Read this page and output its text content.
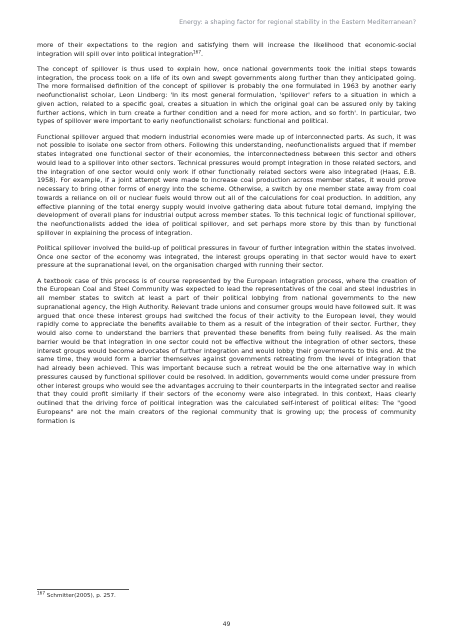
Energy: a shaping factor for regional stability in the Eastern Mediterranean?

more of their expectations to the region and satisfying them will increase the likelihood that economic-social integration will spill over into political integration$^{167}$.

The concept of spillover is thus used to explain how, once national governments took the initial steps towards integration, the process took on a life of its own and swept governments along further than they anticipated going. The more formalised definition of the concept of spillover is probably the one formulated in 1963 by another early neofunctionalist scholar, Leon Lindberg: 'In its most general formulation, 'spillover' refers to a situation in which a given action, related to a specific goal, creates a situation in which the original goal can be assured only by taking further actions, which in turn create a further condition and a need for more action, and so forth'. In particular, two types of spillover were important to early neofunctionalist scholars: functional and political.

Functional spillover argued that modern industrial economies were made up of interconnected parts. As such, it was not possible to isolate one sector from others. Following this understanding, neofunctionalists argued that if member states integrated one functional sector of their economies, the interconnectedness between this sector and others would lead to a spillover into other sectors. Technical pressures would prompt integration in those related sectors, and the integration of one sector would only work if other functionally related sectors were also integrated (Haas, E.B. 1958). For example, if a joint attempt were made to increase coal production across member states, it would prove necessary to bring other forms of energy into the scheme. Otherwise, a switch by one member state away from coal towards a reliance on oil or nuclear fuels would throw out all of the calculations for coal production. In addition, any effective planning of the total energy supply would involve gathering data about future total demand, implying the development of overall plans for industrial output across member states. To this technical logic of functional spillover, the neofunctionalists added the idea of political spillover, and set perhaps more store by this than by functional spillover in explaining the process of integration.

Political spillover involved the build-up of political pressures in favour of further integration within the states involved. Once one sector of the economy was integrated, the interest groups operating in that sector would have to exert pressure at the supranational level, on the organisation charged with running their sector.

A textbook case of this process is of course represented by the European integration process, where the creation of the European Coal and Steel Community was expected to lead the representatives of the coal and steel industries in all member states to switch at least a part of their political lobbying from national governments to the new supranational agency, the High Authority. Relevant trade unions and consumer groups would have followed suit. It was argued that once these interest groups had switched the focus of their activity to the European level, they would rapidly come to appreciate the benefits available to them as a result of the integration of their sector. Further, they would also come to understand the barriers that prevented these benefits from being fully realised. As the main barrier would be that integration in one sector could not be effective without the integration of other sectors, these interest groups would become advocates of further integration and would lobby their governments to this end. At the same time, they would form a barrier themselves against governments retreating from the level of integration that had already been achieved. This was important because such a retreat would be the one alternative way in which pressures caused by functional spillover could be resolved. In addition, governments would come under pressure from other interest groups who would see the advantages accruing to their counterparts in the integrated sector and realise that they could profit similarly if their sectors of the economy were also integrated. In this context, Haas clearly outlined that the driving force of political integration was the calculated self-interest of political elites: The "good Europeans" are not the main creators of the regional community that is growing up; the process of community formation is

$^{167}$ Schmitter(2005), p. 257.
49
